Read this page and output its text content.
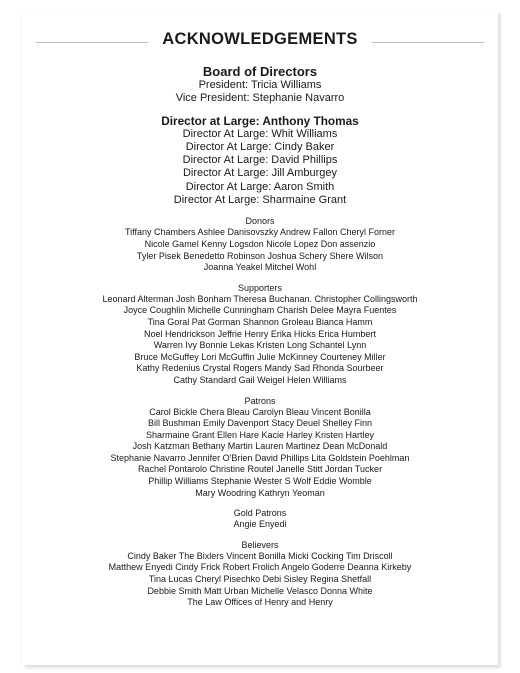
ACKNOWLEDGEMENTS
Board of Directors
President: Tricia Williams
Vice President: Stephanie Navarro
Director at Large: Anthony Thomas
Director At Large: Whit Williams
Director At Large: Cindy Baker
Director At Large: David Phillips
Director At Large: Jill Amburgey
Director At Large: Aaron Smith
Director At Large: Sharmaine Grant
Donors
Tiffany Chambers Ashlee Danisovszky Andrew Fallon Cheryl Forner
Nicole Gamel Kenny Logsdon Nicole Lopez Don assenzio
Tyler Pisek Benedetto Robinson Joshua Schery Shere Wilson
Joanna Yeakel Mitchel Wohl
Supporters
Leonard Alterman Josh Bonham Theresa Buchanan. Christopher Collingsworth
Joyce Coughlin Michelle Cunningham Charish Delee Mayra Fuentes
Tina Goral Pat Gorman Shannon Groleau Bianca Hamm
Noel Hendrickson Jeffrie Henry Erika Hicks Erica Humbert
Warren Ivy Bonnie Lekas Kristen Long Schantel Lynn
Bruce McGuffey Lori McGuffin Julie McKinney Courteney Miller
Kathy Redenius Crystal Rogers Mandy Sad Rhonda Sourbeer
Cathy Standard Gail Weigel Helen Williams
Patrons
Carol Bickle Chera Bleau Carolyn Bleau Vincent Bonilla
Bill Bushman Emily Davenport Stacy Deuel Shelley Finn
Sharmaine Grant Ellen Hare Kacie Harley Kristen Hartley
Josh Katzman Bethany Martin Lauren Martinez Dean McDonald
Stephanie Navarro Jennifer O'Brien David Phillips Lita Goldstein Poehlman
Rachel Pontarolo Christine Routel Janelle Stitt Jordan Tucker
Phillip Williams Stephanie Wester S Wolf Eddie Womble
Mary Woodring Kathryn Yeoman
Gold Patrons
Angie Enyedi
Believers
Cindy Baker The Bixlers Vincent Bonilla Micki Cocking Tim Driscoll
Matthew Enyedi Cindy Frick Robert Frolich Angelo Goderre Deanna Kirkeby
Tina Lucas Cheryl Pisechko Debi Sisley Regina Shetfall
Debbie Smith Matt Urban Michelle Velasco Donna White
The Law Offices of Henry and Henry
